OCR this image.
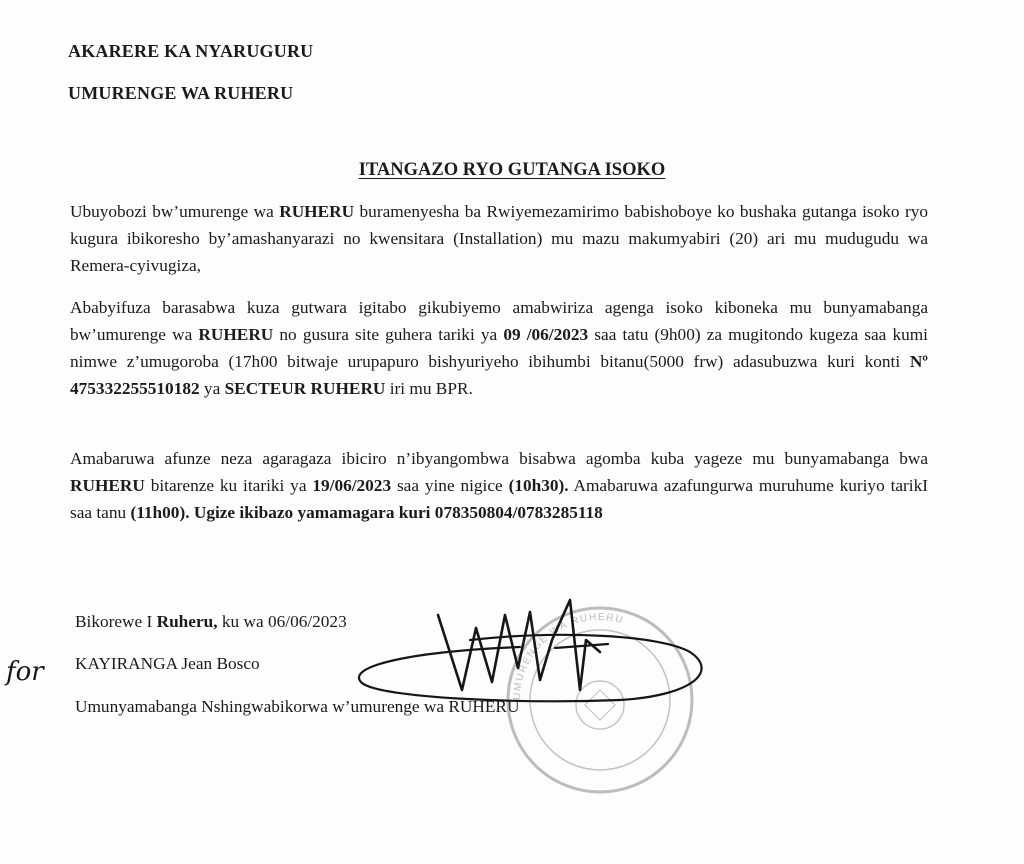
AKARERE KA NYARUGURU
UMURENGE WA RUHERU
ITANGAZO RYO GUTANGA ISOKO
Ubuyobozi bw’umurenge wa RUHERU buramenyesha ba Rwiyemezamirimo babishoboye ko bushaka gutanga isoko ryo kugura ibikoresho by’amashanyarazi no kwensitara (Installation) mu mazu makumyabiri (20) ari mu mudugudu wa Remera-cyivugiza,
Ababyifuza barasabwa kuza gutwara igitabo gikubiyemo amabwiriza agenga isoko kiboneka mu bunyamabanga bw’umurenge wa RUHERU no gusura site guhera tariki ya 09 /06/2023 saa tatu (9h00) za mugitondo kugeza saa kumi nimwe z’umugoroba (17h00 bitwaje urupapuro bishyuriyeho ibihumbi bitanu(5000 frw) adasubuzwa kuri konti Nº 475332255510182 ya SECTEUR RUHERU iri mu BPR.
Amabaruwa afunze neza agaragaza ibiciro n’ibyangombwa bisabwa agomba kuba yageze mu bunyamabanga bwa RUHERU bitarenze ku itariki ya 19/06/2023 saa yine nigice (10h30). Amabaruwa azafungurwa muruhume kuriyo tarikI saa tanu (11h00). Ugize ikibazo yamamagara kuri 078350804/0783285118
Bikorewe I Ruheru, ku wa 06/06/2023
KAYIRANGA Jean Bosco
Umunyamabanga Nshingwabikorwa w’umurenge wa RUHERU
UMURENGE WA RUHERU
for
